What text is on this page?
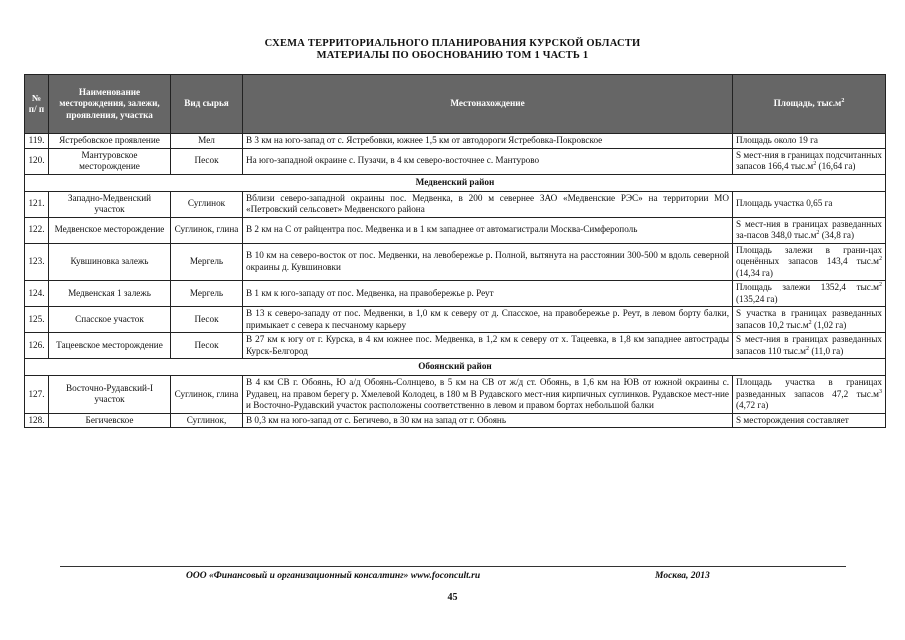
СХЕМА ТЕРРИТОРИАЛЬНОГО ПЛАНИРОВАНИЯ КУРСКОЙ ОБЛАСТИ
МАТЕРИАЛЫ ПО ОБОСНОВАНИЮ ТОМ 1 ЧАСТЬ 1
№ п/ п	Наименование месторождения, залежи, проявления, участка	Вид сырья	Местонахождение	Площадь, $тыс.м^2$
119.	Ястребовское проявление	Мел	В 3 км на юго-запад от с. Ястребовки, южнее 1,5 км от автодороги Ястребовка-Покровское	Площадь около 19 га
120.	Мантуровское месторождение	Песок	На юго-западной окраине с. Пузачи, в 4 км северо-восточнее с. Мантурово	S мест-ния в границах подсчитанных запасов 166,4 $тыс.м^2$ (16,64 га)
Медвенский район				
121.	Западно-Медвенский участок	Суглинок	Вблизи северо-западной окраины пос. Медвенка, в 200 м севернее ЗАО «Медвенские РЭС» на территории МО «Петровский сельсовет» Медвенского района	Площадь участка 0,65 га
122.	Медвенское месторождение	Суглинок, глина	В 2 км на С от райцентра пос. Медвенка и в 1 км западнее от автомагистрали Москва-Симферополь	S мест-ния в границах разведанных за-пасов 348,0 $тыс.м^2$ (34,8 га)
123.	Кувшиновка залежь	Мергель	В 10 км на северо-восток от пос. Медвенки, на левобережье р. Полной, вытянута на расстоянии 300-500 м вдоль северной окраины д. Кувшиновки	Площадь залежи в грани-цах оценённых запасов 143,4 $тыс.м^2$ (14,34 га)
124.	Медвенская 1 залежь	Мергель	В 1 км к юго-западу от пос. Медвенка, на правобережье р. Реут	Площадь залежи 1352,4 $тыс.м^2$ (135,24 га)
125.	Спасское участок	Песок	В 13 к северо-западу от пос. Медвенки, в 1,0 км к северу от д. Спасское, на правобережье р. Реут, в левом борту балки, примыкает с севера к песчаному карьеру	S участка в границах разведанных запасов 10,2 $тыс.м^2$ (1,02 га)
126.	Тацеевское месторождение	Песок	В 27 км к югу от г. Курска, в 4 км южнее пос. Медвенка, в 1,2 км к северу от х. Тацеевка, в 1,8 км западнее автострады Курск-Белгород	S мест-ния в границах разведанных запасов 110 $тыс.м^2$ (11,0 га)
Обоянский район				
127.	Восточно-Рудавский-I участок	Суглинок, глина	В 4 км СВ г. Обоянь, Ю а/д Обоянь-Солнцево, в 5 км на СВ от ж/д ст. Обоянь, в 1,6 км на ЮВ от южной окраины с. Рудавец, на правом берегу р. Хмелевой Колодец, в 180 м В Рудавского мест-ния кирпичных суглинков. Рудавское мест-ние и Восточно-Рудавский участок расположены соответственно в левом и правом бортах небольшой балки	Площадь участка в границах разведанных запасов 47,2 $тыс.м^3$ (4,72 га)
128.	Бегичевское	Суглинок,	В 0,3 км на юго-запад от с. Бегичево, в 30 км на запад от г. Обоянь	S месторождения составляет
ООО «Финансовый и организационный консалтинг» www.foconcult.ru	Москва, 2013
45
